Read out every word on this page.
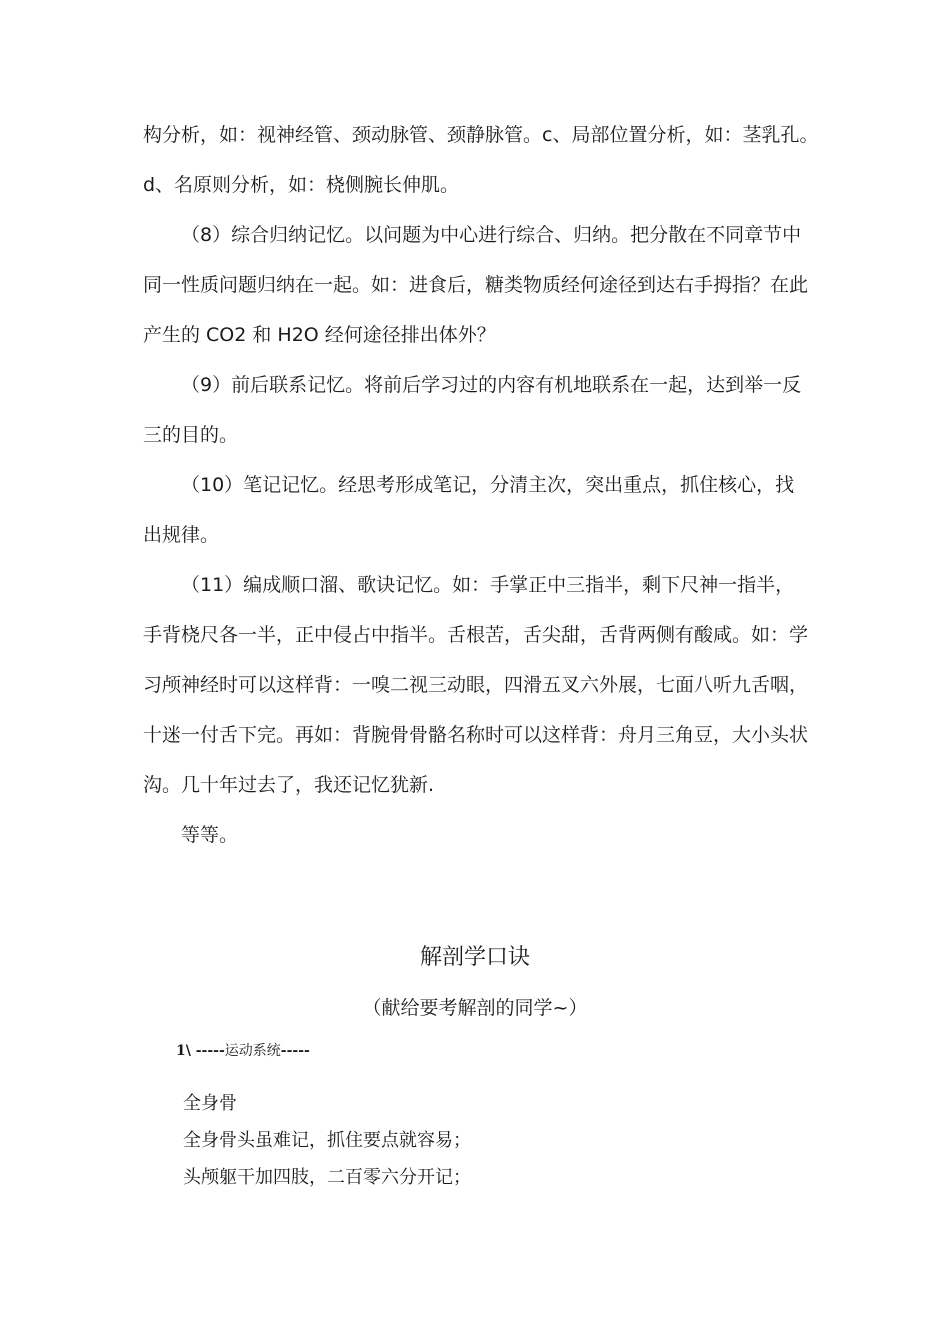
构分析，如：视神经管、颈动脉管、颈静脉管。c、局部位置分析，如：茎乳孔。
d、名原则分析，如：桡侧腕长伸肌。
（8）综合归纳记忆。以问题为中心进行综合、归纳。把分散在不同章节中
同一性质问题归纳在一起。如：进食后，糖类物质经何途径到达右手拇指？在此
产生的 CO2 和 H2O 经何途径排出体外？
（9）前后联系记忆。将前后学习过的内容有机地联系在一起，达到举一反
三的目的。
（10）笔记记忆。经思考形成笔记，分清主次，突出重点，抓住核心，找
出规律。
（11）编成顺口溜、歌诀记忆。如：手掌正中三指半，剩下尺神一指半，
手背桡尺各一半，正中侵占中指半。舌根苦，舌尖甜，舌背两侧有酸咸。如：学
习颅神经时可以这样背：一嗅二视三动眼，四滑五叉六外展，七面八听九舌咽，
十迷一付舌下完。再如：背腕骨骨骼名称时可以这样背：舟月三角豆，大小头状
沟。几十年过去了，我还记忆犹新.
等等。
解剖学口诀
（献给要考解剖的同学~）
1\ -----运动系统-----
全身骨
全身骨头虽难记，抓住要点就容易；
头颅躯干加四肢，二百零六分开记；
